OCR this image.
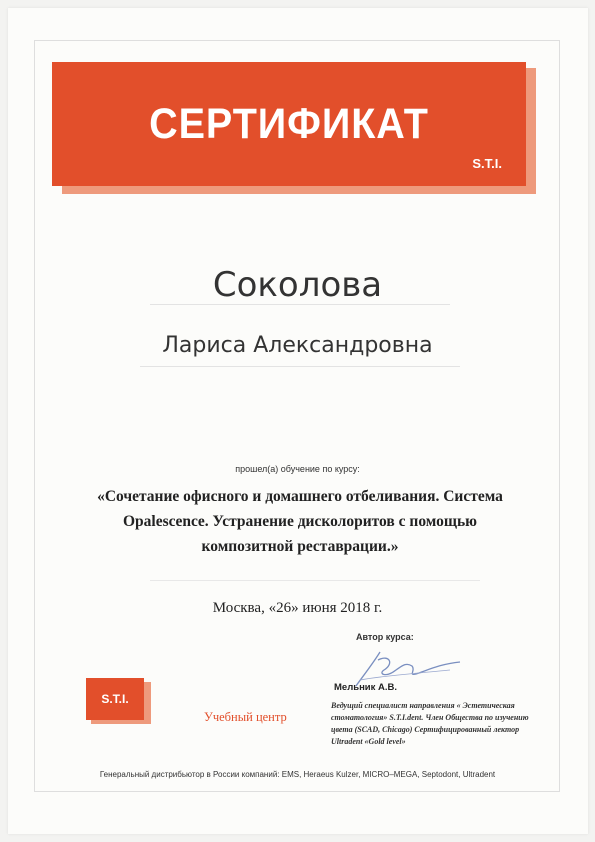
СЕРТИФИКАТ
S.T.I.
Соколова
Лариса Александровна
прошел(а) обучение по курсу:
«Сочетание офисного и домашнего отбеливания. Система Opalescence. Устранение дисколоритов с помощью композитной реставрации.»
Москва, «26» июня 2018 г.
Автор курса:
Мельник А.В.
S.T.I.
Учебный центр
Ведущий специалист направления « Эстетическая стоматология» S.T.I.dent. Член Общества по изучению цвета (SCAD, Chicago) Сертифицированный лектор Ultradent «Gold level»
Генеральный дистрибьютор в России компаний: EMS, Heraeus Kulzer, MICRO–MEGA, Septodont, Ultradent
